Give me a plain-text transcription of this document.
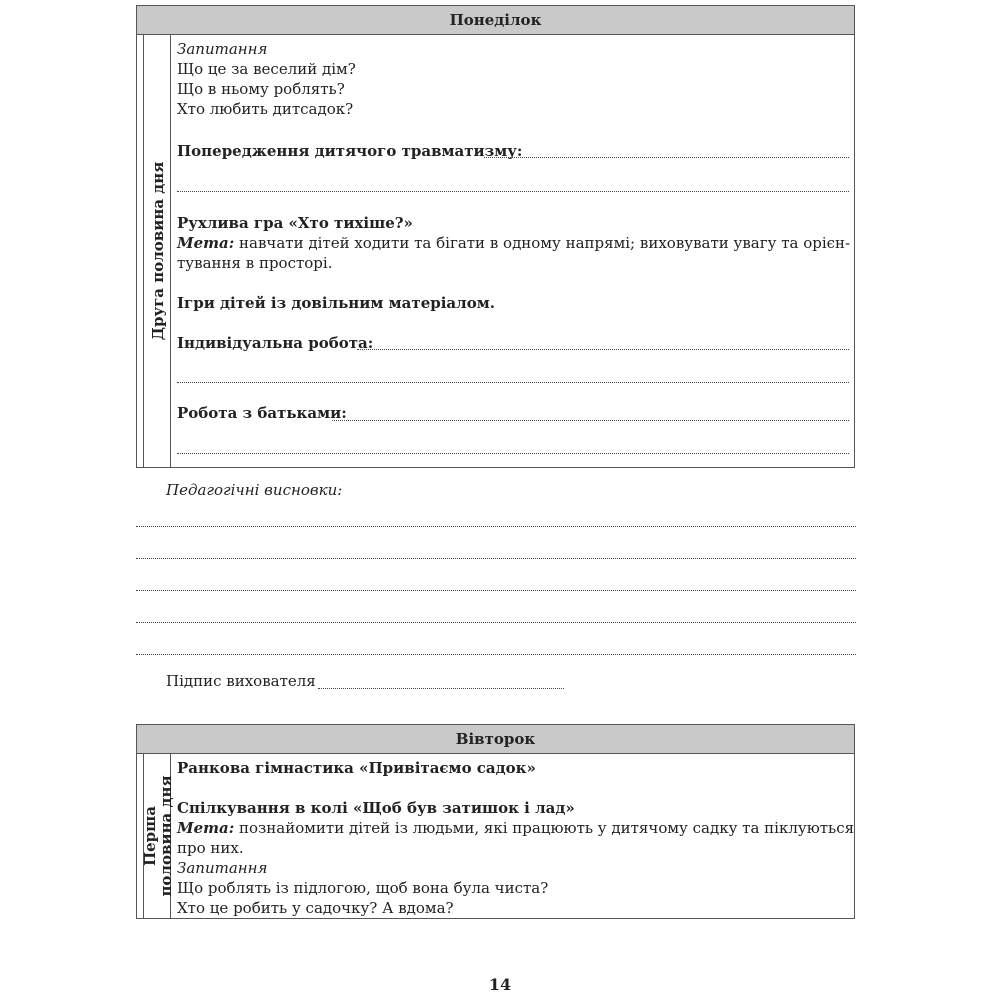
Понеділок
Друга половина дня
Запитання
Що це за веселий дім?
Що в ньому роблять?
Хто любить дитсадок?
Попередження дитячого травматизму:
Рухлива гра «Хто тихіше?»
Мета: навчати дітей ходити та бігати в одному напрямі; виховувати увагу та орієн-
тування в просторі.
Ігри дітей із довільним матеріалом.
Індивідуальна робота:
Робота з батьками:
Педагогічні висновки:
Підпис вихователя
Вівторок
Перша
половина дня
Ранкова гімнастика «Привітаємо садок»
Спілкування в колі «Щоб був затишок і лад»
Мета: познайомити дітей із людьми, які працюють у дитячому садку та піклуються
про них.
Запитання
Що роблять із підлогою, щоб вона була чиста?
Хто це робить у садочку? А вдома?
14
